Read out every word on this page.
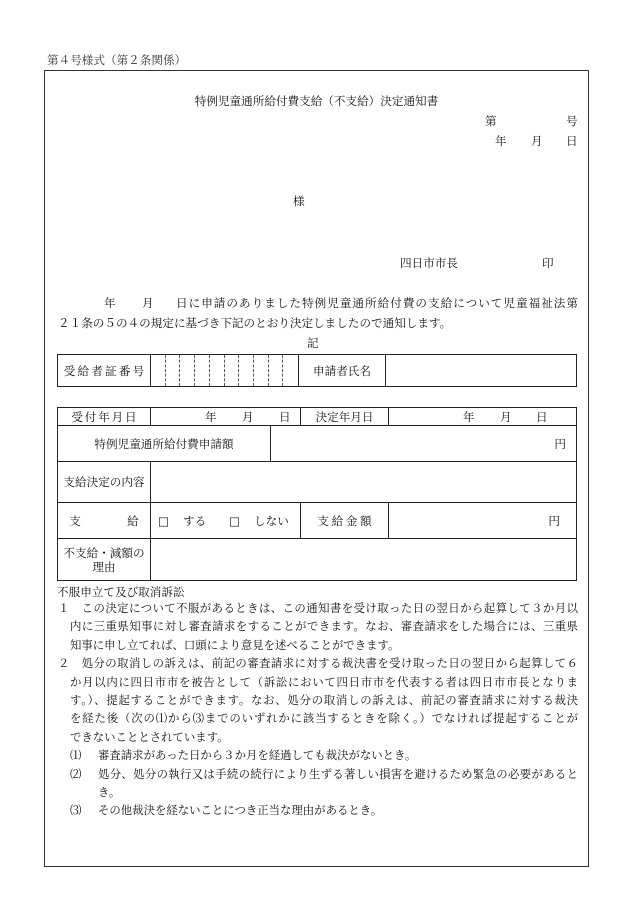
第４号様式（第２条関係）
特例児童通所給付費支給（不支給）決定通知書
第	号
年 月 日
様
四日市市長	印
年 月 日に申請のありました特例児童通所給付費の支給について児童福祉法第
２１条の５の４の規定に基づき下記のとおり決定しましたので通知します。
記
受給者証番号	申請者氏名
受付年月日	年 月 日 決定年月日	年 月 日
特例児童通所給付費申請額	円
支給決定の内容
支　　　　給 □ する □ しない 支給金額	円
不支給・減額の
理由
不服申立て及び取消訴訟
１　この決定について不服があるときは、この通知書を受け取った日の翌日から起算して３か月以
内に三重県知事に対し審査請求をすることができます。なお、審査請求をした場合には、三重県
知事に申し立てれば、口頭により意見を述べることができます。
２　処分の取消しの訴えは、前記の審査請求に対する裁決書を受け取った日の翌日から起算して６
か月以内に四日市市を被告として（訴訟において四日市市を代表する者は四日市市長となりま
す。）、提起することができます。なお、処分の取消しの訴えは、前記の審査請求に対する裁決
を経た後（次の⑴から⑶までのいずれかに該当するときを除く。）でなければ提起することが
できないこととされています。
⑴ 審査請求があった日から３か月を経過しても裁決がないとき。
⑵ 処分、処分の執行又は手続の続行により生ずる著しい損害を避けるため緊急の必要があると
き。
⑶ その他裁決を経ないことにつき正当な理由があるとき。
